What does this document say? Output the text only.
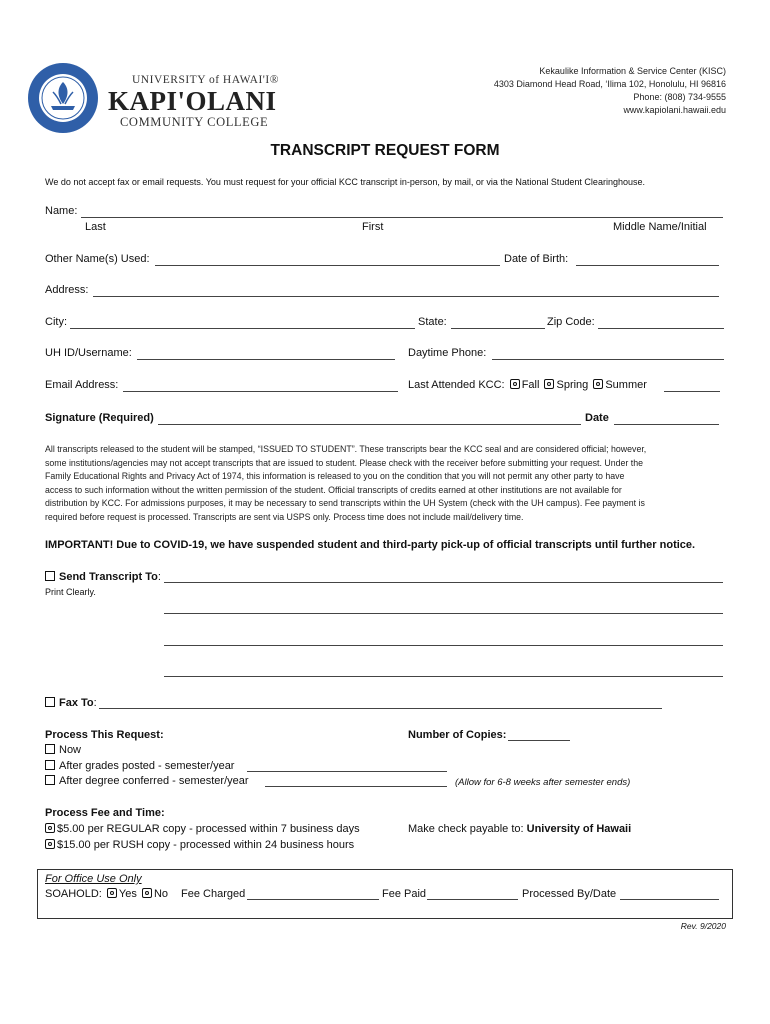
UNIVERSITY of HAWAI'I®
KAPI'OLANI
COMMUNITY COLLEGE
Kekaulike Information & Service Center (KISC)
4303 Diamond Head Road, ʻIlima 102, Honolulu, HI 96816
Phone: (808) 734-9555
www.kapiolani.hawaii.edu
TRANSCRIPT REQUEST FORM
We do not accept fax or email requests. You must request for your official KCC transcript in-person, by mail, or via the National Student Clearinghouse.
Name:
Last	First	Middle Name/Initial
Other Name(s) Used:	Date of Birth:
Address:
City:	State:	Zip Code:
UH ID/Username:	Daytime Phone:
Email Address:	Last Attended KCC: Fall Spring Summer
Signature (Required)	Date
All transcripts released to the student will be stamped, “ISSUED TO STUDENT”. These transcripts bear the KCC seal and are considered official; however,
some institutions/agencies may not accept transcripts that are issued to student. Please check with the receiver before submitting your request. Under the
Family Educational Rights and Privacy Act of 1974, this information is released to you on the condition that you will not permit any other party to have
access to such information without the written permission of the student. Official transcripts of credits earned at other institutions are not available for
distribution by KCC. For admissions purposes, it may be necessary to send transcripts within the UH System (check with the UH campus). Fee payment is
required before request is processed. Transcripts are sent via USPS only. Process time does not include mail/delivery time.
IMPORTANT! Due to COVID-19, we have suspended student and third-party pick-up of official transcripts until further notice.
Send Transcript To:
Print Clearly.
Fax To:
Process This Request:	Number of Copies:
Now
After grades posted - semester/year
After degree conferred - semester/year	(Allow for 6-8 weeks after semester ends)
Process Fee and Time:
$5.00 per REGULAR copy - processed within 7 business days
$15.00 per RUSH copy - processed within 24 business hours
Make check payable to: University of Hawaii
For Office Use Only
SOAHOLD: Yes No Fee Charged	Fee Paid	Processed By/Date
Rev. 9/2020
